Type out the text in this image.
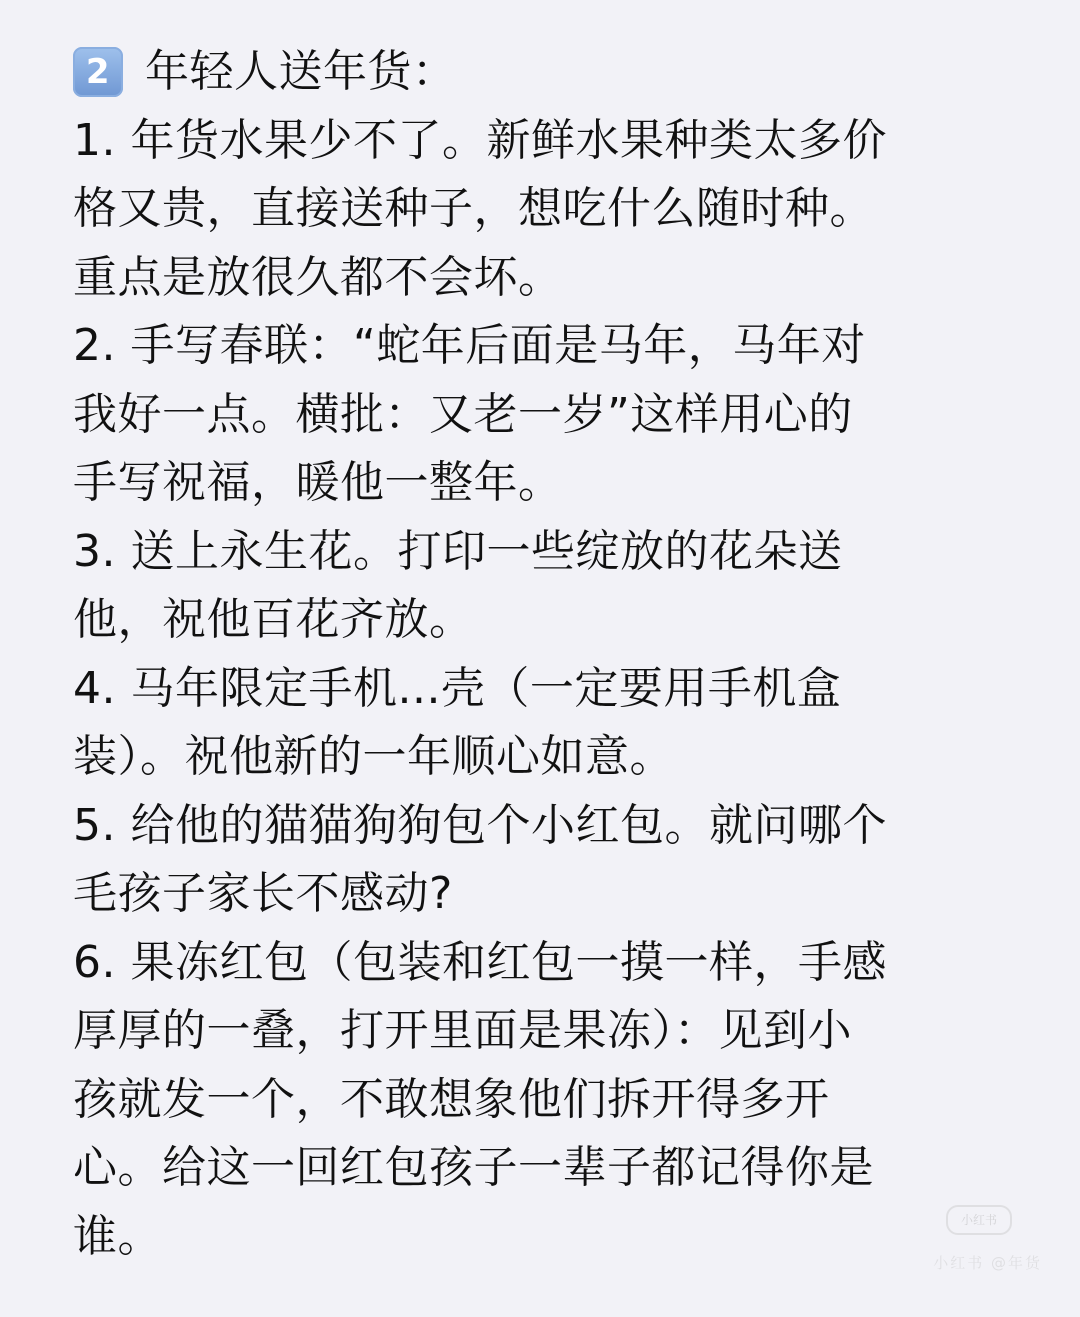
2 年轻人送年货：
1. 年货水果少不了。新鲜水果种类太多价
格又贵，直接送种子，想吃什么随时种。
重点是放很久都不会坏。
2. 手写春联：“蛇年后面是马年，马年对
我好一点。横批：又老一岁”这样用心的
手写祝福，暖他一整年。
3. 送上永生花。打印一些绽放的花朵送
他，祝他百花齐放。
4. 马年限定手机...壳（一定要用手机盒
装）。祝他新的一年顺心如意。
5. 给他的猫猫狗狗包个小红包。就问哪个
毛孩子家长不感动?
6. 果冻红包（包装和红包一摸一样，手感
厚厚的一叠，打开里面是果冻）：见到小
孩就发一个，不敢想象他们拆开得多开
心。给这一回红包孩子一辈子都记得你是
谁。	小红书
小红书 @年货
